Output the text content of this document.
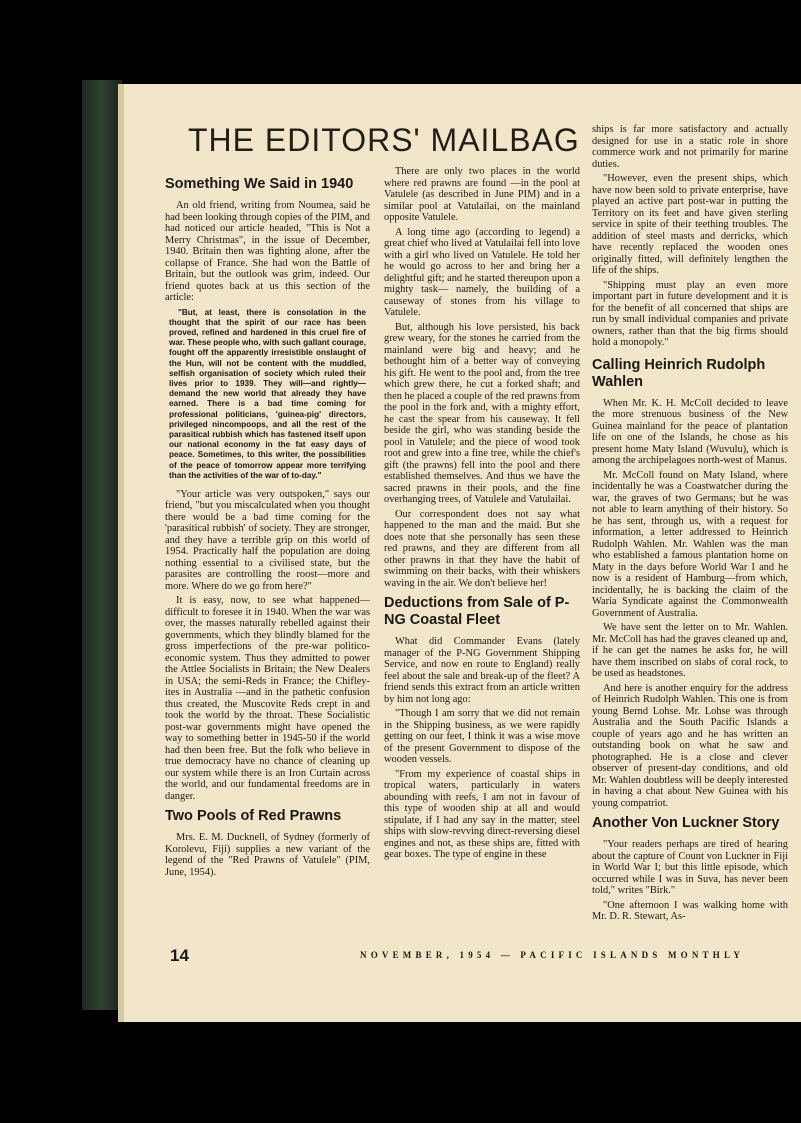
THE EDITORS' MAILBAG
Something We Said in 1940

An old friend, writing from Noumea, said he had been looking through copies of the PIM, and had noticed our article headed, "This is Not a Merry Christmas", in the issue of December, 1940. Britain then was fighting alone, after the collapse of France. She had won the Battle of Britain, but the outlook was grim, indeed. Our friend quotes back at us this section of the article:

"But, at least, there is consolation in the thought that the spirit of our race has been proved, refined and hardened in this cruel fire of war. These people who, with such gallant courage, fought off the apparently irresistible onslaught of the Hun, will not be content with the muddled, selfish organisation of society which ruled their lives prior to 1939. They will—and rightly—demand the new world that already they have earned. There is a bad time coming for professional politicians, 'guinea-pig' directors, privileged nincompoops, and all the rest of the parasitical rubbish which has fastened itself upon our national economy in the fat easy days of peace. Sometimes, to this writer, the possibilities of the peace of tomorrow appear more terrifying than the activities of the war of to-day."

"Your article was very outspoken," says our friend, "but you miscalculated when you thought there would be a bad time coming for the 'parasitical rubbish' of society. They are stronger, and they have a terrible grip on this world of 1954. Practically half the population are doing nothing essential to a civilised state, but the parasites are controlling the roost—more and more. Where do we go from here?"

It is easy, now, to see what happened—difficult to foresee it in 1940. When the war was over, the masses naturally rebelled against their governments, which they blindly blamed for the gross imperfections of the pre-war politico-economic system. Thus they admitted to power the Attlee Socialists in Britain; the New Dealers in USA; the semi-Reds in France; the Chifley-ites in Australia —and in the pathetic confusion thus created, the Muscovite Reds crept in and took the world by the throat. These Socialistic post-war governments might have opened the way to something better in 1945-50 if the world had then been free. But the folk who believe in true democracy have no chance of cleaning up our system while there is an Iron Curtain across the world, and our fundamental freedoms are in danger.

Two Pools of Red Prawns

Mrs. E. M. Ducknell, of Sydney (formerly of Korolevu, Fiji) supplies a new variant of the legend of the "Red Prawns of Vatulele" (PIM, June, 1954).

There are only two places in the world where red prawns are found —in the pool at Vatulele (as described in June PIM) and in a similar pool at Vatulailai, on the mainland opposite Vatulele.

A long time ago (according to legend) a great chief who lived at Vatulailai fell into love with a girl who lived on Vatulele. He told her he would go across to her and bring her a delightful gift; and he started thereupon upon a mighty task— namely, the building of a causeway of stones from his village to Vatulele.

But, although his love persisted, his back grew weary, for the stones he carried from the mainland were big and heavy; and he bethought him of a better way of conveying his gift. He went to the pool and, from the tree which grew there, he cut a forked shaft; and then he placed a couple of the red prawns from the pool in the fork and, with a mighty effort, he cast the spear from his causeway. It fell beside the girl, who was standing beside the pool in Vatulele; and the piece of wood took root and grew into a fine tree, while the chief's gift (the prawns) fell into the pool and there established themselves. And thus we have the sacred prawns in their pools, and the fine overhanging trees, of Vatulele and Vatulailai.

Our correspondent does not say what happened to the man and the maid. But she does note that she personally has seen these red prawns, and they are different from all other prawns in that they have the habit of swimming on their backs, with their whiskers waving in the air. We don't believe her!

Deductions from Sale of P-NG Coastal Fleet

What did Commander Evans (lately manager of the P-NG Government Shipping Service, and now en route to England) really feel about the sale and break-up of the fleet? A friend sends this extract from an article written by him not long ago:

"Though I am sorry that we did not remain in the Shipping business, as we were rapidly getting on our feet, I think it was a wise move of the present Government to dispose of the wooden vessels.

"From my experience of coastal ships in tropical waters, particularly in waters abounding with reefs, I am not in favour of this type of wooden ship at all and would stipulate, if I had any say in the matter, steel ships with slow-revving direct-reversing diesel engines and not, as these ships are, fitted with gear boxes. The type of engine in these

ships is far more satisfactory and actually designed for use in a static role in shore commerce work and not primarily for marine duties.

"However, even the present ships, which have now been sold to private enterprise, have played an active part post-war in putting the Territory on its feet and have given sterling service in spite of their teething troubles. The addition of steel masts and derricks, which have recently replaced the wooden ones originally fitted, will definitely lengthen the life of the ships.

"Shipping must play an even more important part in future development and it is for the benefit of all concerned that ships are run by small individual companies and private owners, rather than that the big firms should hold a monopoly."

Calling Heinrich Rudolph Wahlen

When Mr. K. H. McColl decided to leave the more strenuous business of the New Guinea mainland for the peace of plantation life on one of the Islands, he chose as his present home Maty Island (Wuvulu), which is among the archipelagoes north-west of Manus.

Mr. McColl found on Maty Island, where incidentally he was a Coastwatcher during the war, the graves of two Germans; but he was not able to learn anything of their history. So he has sent, through us, with a request for information, a letter addressed to Heinrich Rudolph Wahlen. Mr. Wahlen was the man who established a famous plantation home on Maty in the days before World War I and he now is a resident of Hamburg—from which, incidentally, he is backing the claim of the Waria Syndicate against the Commonwealth Government of Australia.

We have sent the letter on to Mr. Wahlen. Mr. McColl has had the graves cleaned up and, if he can get the names he asks for, he will have them inscribed on slabs of coral rock, to be used as headstones.

And here is another enquiry for the address of Heinrich Rudolph Wahlen. This one is from young Bernd Lohse. Mr. Lohse was through Australia and the South Pacific Islands a couple of years ago and he has written an outstanding book on what he saw and photographed. He is a close and clever observer of present-day conditions, and old Mr. Wahlen doubtless will be deeply interested in having a chat about New Guinea with his young compatriot.

Another Von Luckner Story

"Your readers perhaps are tired of hearing about the capture of Count von Luckner in Fiji in World War I; but this little episode, which occurred while I was in Suva, has never been told," writes "Birk."

"One afternoon I was walking home with Mr. D. R. Stewart, As-

14	NOVEMBER, 1954 — PACIFIC ISLANDS MONTHLY
